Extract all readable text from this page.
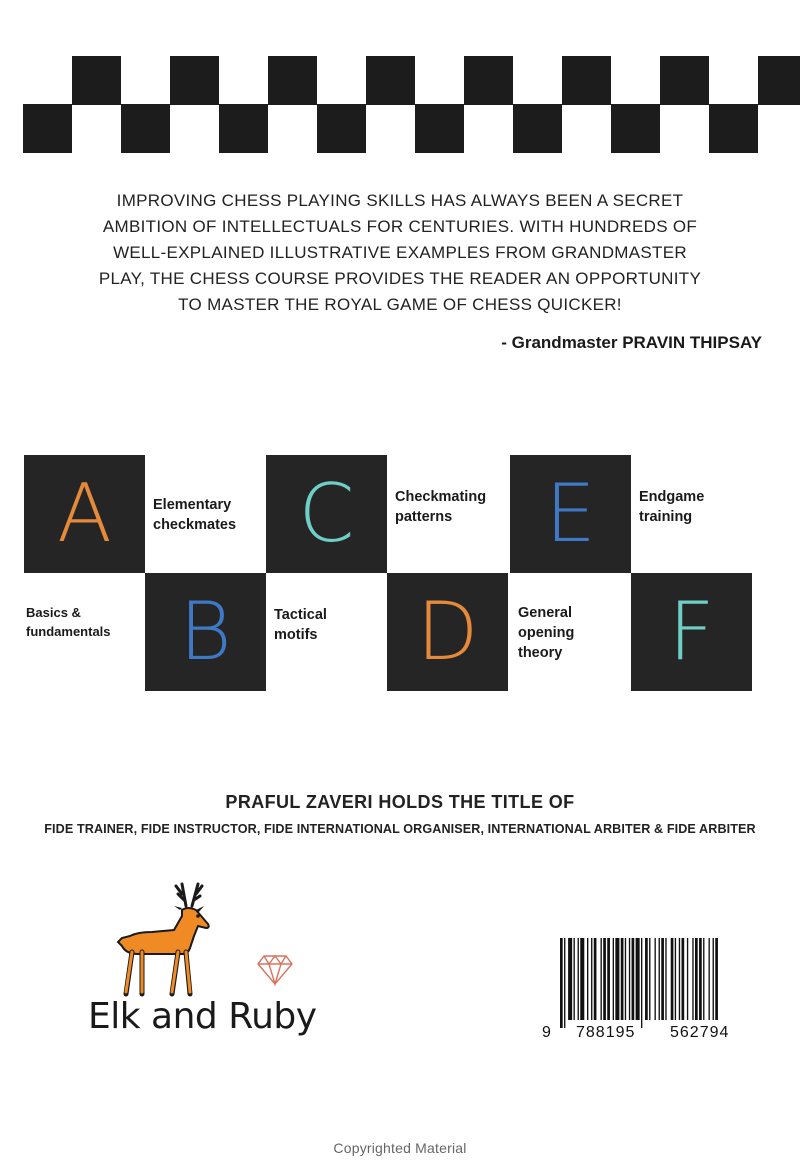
IMPROVING CHESS PLAYING SKILLS HAS ALWAYS BEEN A SECRET
AMBITION OF INTELLECTUALS FOR CENTURIES. WITH HUNDREDS OF
WELL-EXPLAINED ILLUSTRATIVE EXAMPLES FROM GRANDMASTER
PLAY, THE CHESS COURSE PROVIDES THE READER AN OPPORTUNITY
TO MASTER THE ROYAL GAME OF CHESS QUICKER!
- Grandmaster PRAVIN THIPSAY
A	Elementary
checkmates C	Checkmating
patterns	E	Endgame
training
Basics &
fundamentals B	Tactical
motifs	D	General
opening
theory	F
PRAFUL ZAVERI HOLDS THE TITLE OF
FIDE TRAINER, FIDE INSTRUCTOR, FIDE INTERNATIONAL ORGANISER, INTERNATIONAL ARBITER & FIDE ARBITER
Elk and Ruby	9 788195 562794
Copyrighted Material
